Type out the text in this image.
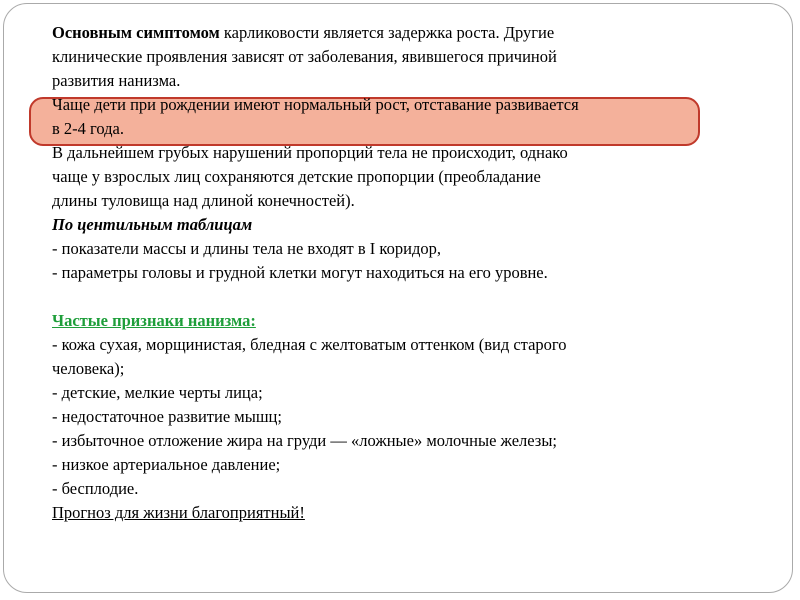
Основным симптомом карликовости является задержка роста. Другие
клинические проявления зависят от заболевания, явившегося причиной
развития нанизма.
Чаще дети при рождении имеют нормальный рост, отставание развивается
в 2-4 года.
В дальнейшем грубых нарушений пропорций тела не происходит, однако
чаще у взрослых лиц сохраняются детские пропорции (преобладание
длины туловища над длиной конечностей).
По центильным таблицам
- показатели массы и длины тела не входят в I коридор,
- параметры головы и грудной клетки могут находиться на его уровне.
Частые признаки нанизма:
- кожа сухая, морщинистая, бледная с желтоватым оттенком (вид старого
человека);
- детские, мелкие черты лица;
- недостаточное развитие мышц;
- избыточное отложение жира на груди — «ложные» молочные железы;
- низкое артериальное давление;
- бесплодие.
Прогноз для жизни благоприятный!
